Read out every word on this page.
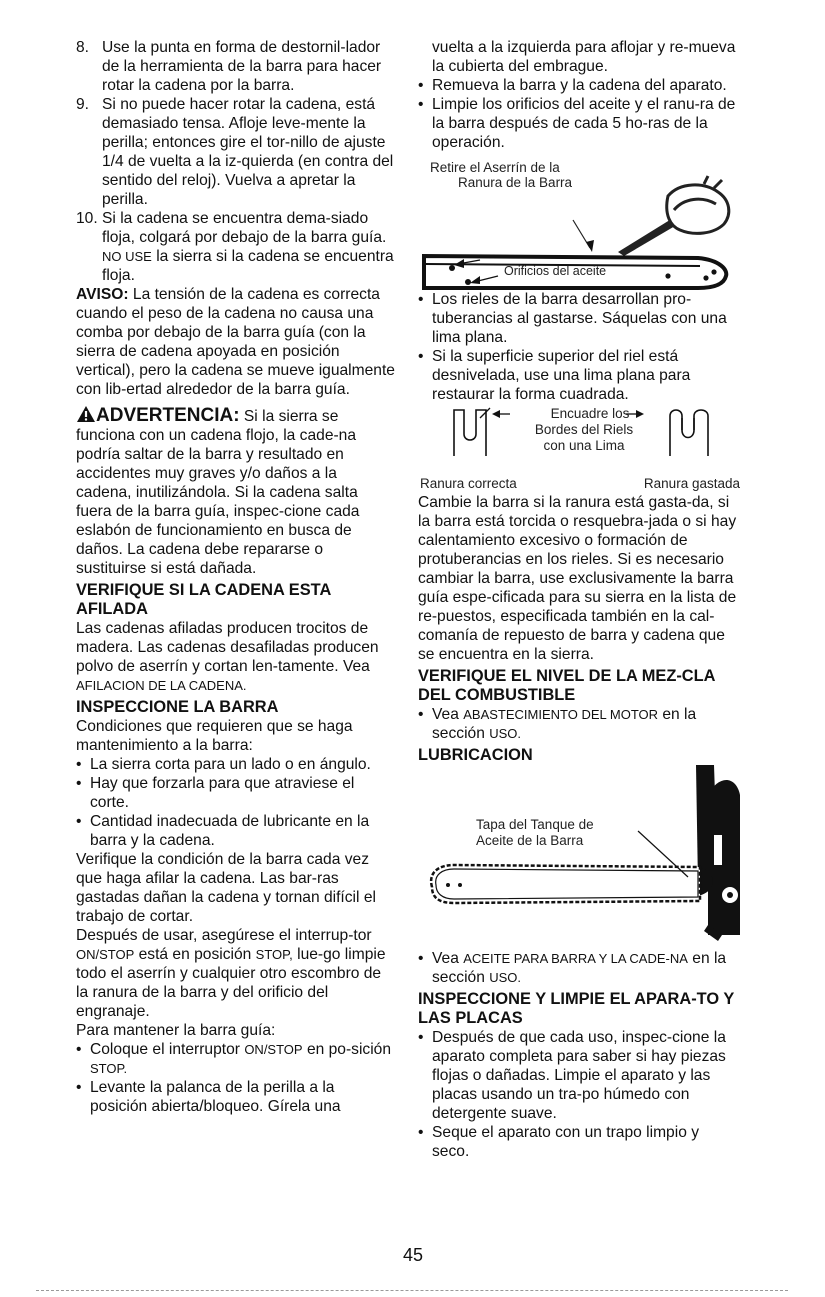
8. Use la punta en forma de destornil-lador de la herramienta de la barra para hacer rotar la cadena por la barra.
9. Si no puede hacer rotar la cadena, está demasiado tensa. Afloje leve-mente la perilla; entonces gire el tor-nillo de ajuste 1/4 de vuelta a la iz-quierda (en contra del sentido del reloj). Vuelva a apretar la perilla.
10. Si la cadena se encuentra dema-siado floja, colgará por debajo de la barra guía. NO USE la sierra si la cadena se encuentra floja.

AVISO: La tensión de la cadena es correcta cuando el peso de la cadena no causa una comba por debajo de la barra guía (con la sierra de cadena apoyada en posición vertical), pero la cadena se mueve igualmente con lib-ertad alrededor de la barra guía.

ADVERTENCIA: Si la sierra se funciona con un cadena flojo, la cade-na podría saltar de la barra y resultado en accidentes muy graves y/o daños a la cadena, inutilizándola. Si la cadena salta fuera de la barra guía, inspec-cione cada eslabón de funcionamiento en busca de daños. La cadena debe repararse o sustituirse si está dañada.

VERIFIQUE SI LA CADENA ESTA AFILADA

Las cadenas afiladas producen trocitos de madera. Las cadenas desafiladas producen polvo de aserrín y cortan len-tamente. Vea AFILACION DE LA CADENA.

INSPECCIONE LA BARRA

Condiciones que requieren que se haga mantenimiento a la barra:

• La sierra corta para un lado o en ángulo.
• Hay que forzarla para que atraviese el corte.
• Cantidad inadecuada de lubricante en la barra y la cadena.

Verifique la condición de la barra cada vez que haga afilar la cadena. Las bar-ras gastadas dañan la cadena y tornan difícil el trabajo de cortar.

Después de usar, asegúrese el interrup-tor ON/STOP está en posición STOP, lue-go limpie todo el aserrín y cualquier otro escombro de la ranura de la barra y del orificio del engranaje.

Para mantener la barra guía:

• Coloque el interruptor ON/STOP en po-sición STOP.
• Levante la palanca de la perilla a la posición abierta/bloqueo. Gírela una

vuelta a la izquierda para aflojar y re-mueva la cubierta del embrague.

• Remueva la barra y la cadena del aparato.
• Limpie los orificios del aceite y el ranu-ra de la barra después de cada 5 ho-ras de la operación.
Retire el Aserrín de la
Ranura de la Barra
Orificios del aceite
• Los rieles de la barra desarrollan pro-tuberancias al gastarse. Sáquelas con una lima plana.
• Si la superficie superior del riel está desnivelada, use una lima plana para restaurar la forma cuadrada.
Encuadre los
Bordes del Riels
con una Lima
Ranura correcta	Ranura gastada

Cambie la barra si la ranura está gasta-da, si la barra está torcida o resquebra-jada o si hay calentamiento excesivo o formación de protuberancias en los rieles. Si es necesario cambiar la barra, use exclusivamente la barra guía espe-cificada para su sierra en la lista de re-puestos, especificada también en la cal-comanía de repuesto de barra y cadena que se encuentra en la sierra.

VERIFIQUE EL NIVEL DE LA MEZ-CLA DEL COMBUSTIBLE
• Vea ABASTECIMIENTO DEL MOTOR en la sección USO.
LUBRICACION
Tapa del Tanque de
Aceite de la Barra
• Vea ACEITE PARA BARRA Y LA CADE-NA en la sección USO.
INSPECCIONE Y LIMPIE EL APARA-TO Y LAS PLACAS
• Después de que cada uso, inspec-cione la aparato completa para saber si hay piezas flojas o dañadas. Limpie el aparato y las placas usando un tra-po húmedo con detergente suave.
• Seque el aparato con un trapo limpio y seco.
45
